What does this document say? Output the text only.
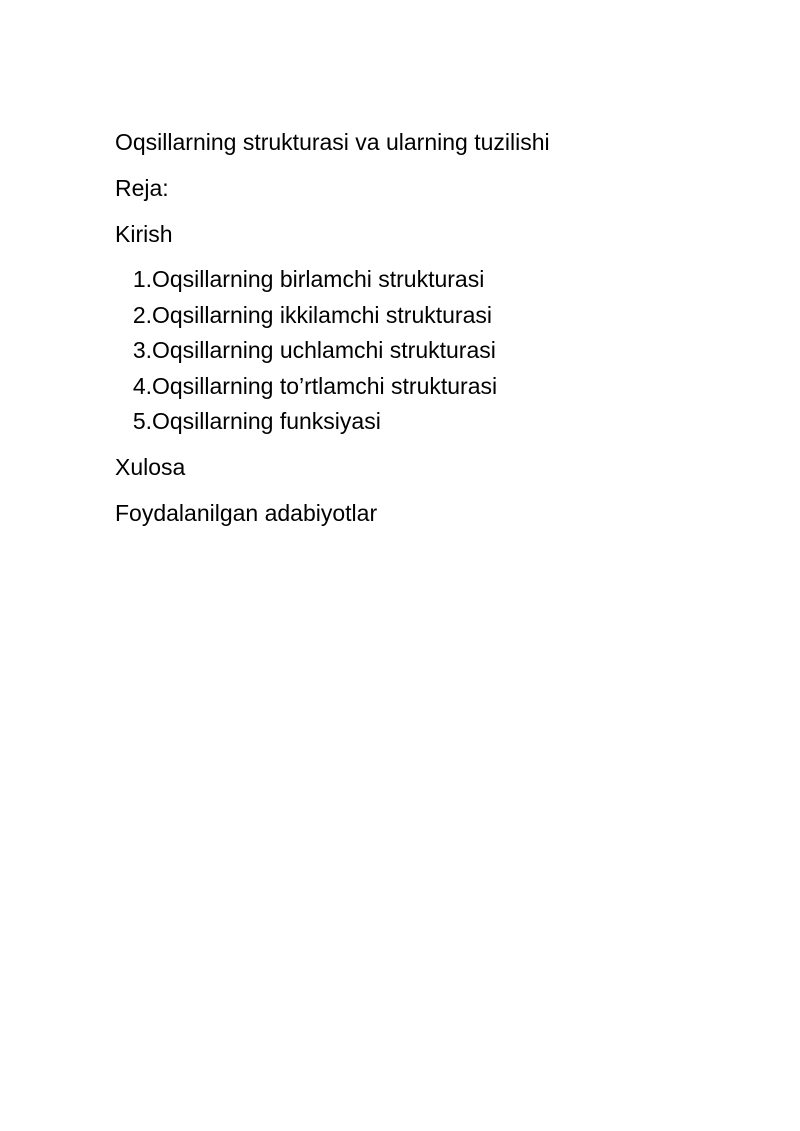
Oqsillarning strukturasi va ularning tuzilishi

Reja:

Kirish

1. Oqsillarning birlamchi strukturasi
2. Oqsillarning ikkilamchi strukturasi
3. Oqsillarning uchlamchi strukturasi
4. Oqsillarning to’rtlamchi strukturasi
5. Oqsillarning funksiyasi

Xulosa

Foydalanilgan adabiyotlar
